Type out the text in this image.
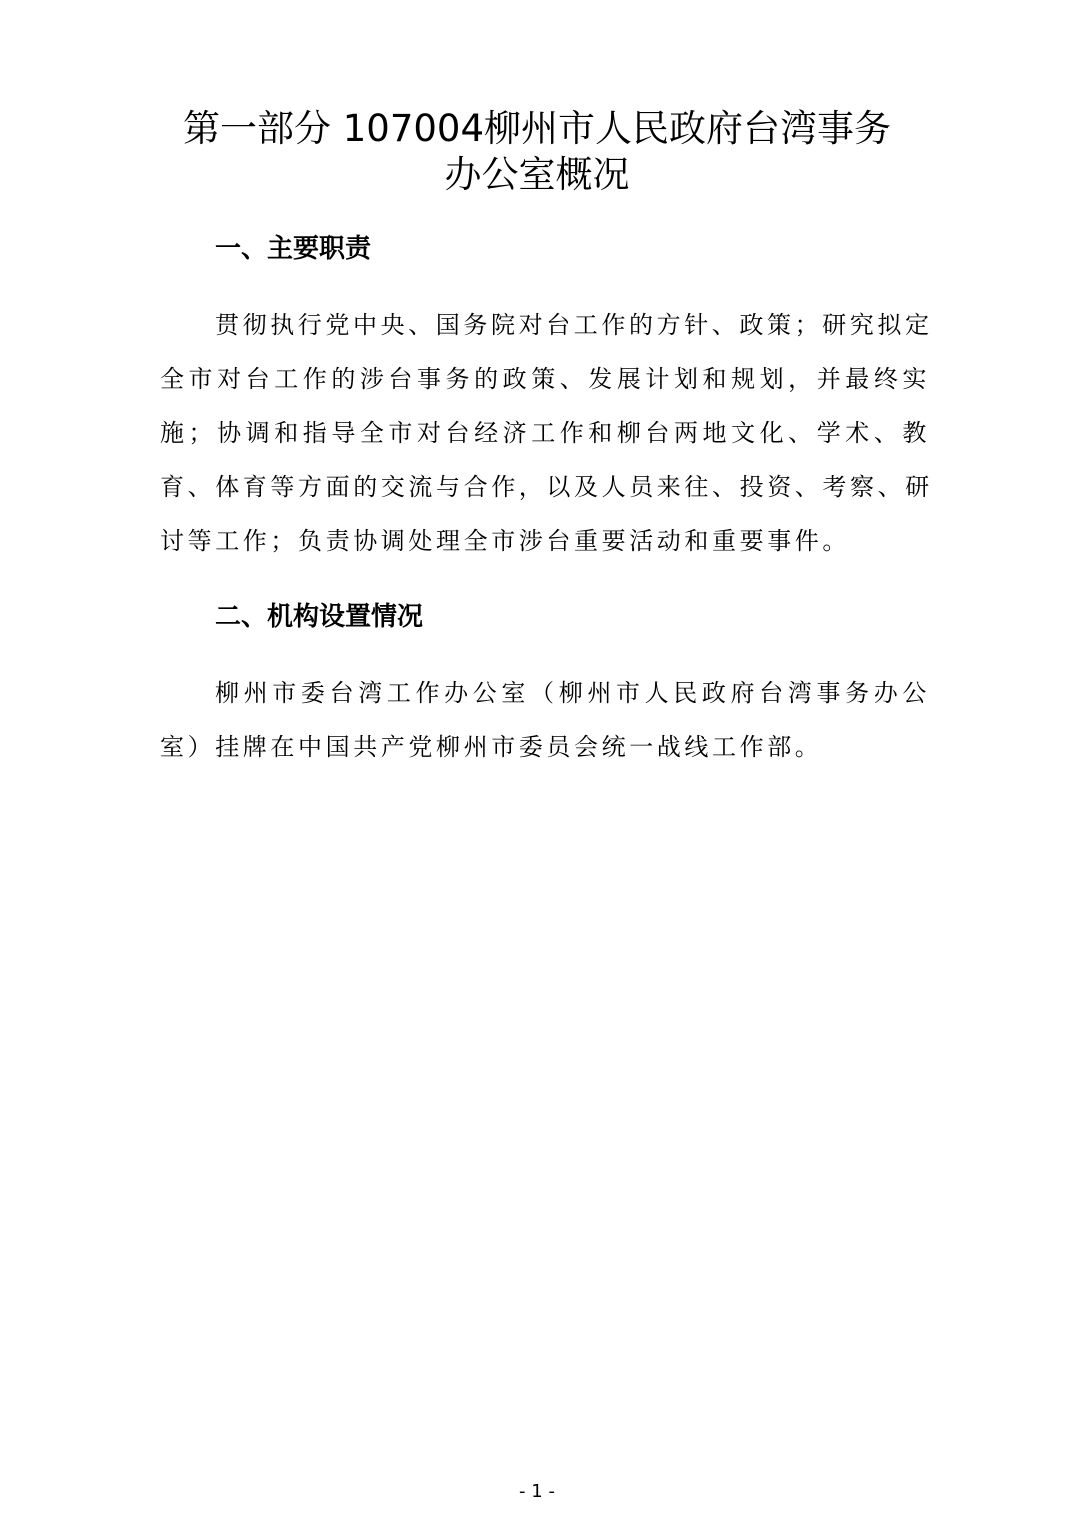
第一部分 107004柳州市人民政府台湾事务
办公室概况
一、主要职责
贯彻执行党中央、国务院对台工作的方针、政策；研究拟定
全市对台工作的涉台事务的政策、发展计划和规划，并最终实
施；协调和指导全市对台经济工作和柳台两地文化、学术、教
育、体育等方面的交流与合作，以及人员来往、投资、考察、研
讨等工作；负责协调处理全市涉台重要活动和重要事件。
二、机构设置情况
柳州市委台湾工作办公室（柳州市人民政府台湾事务办公
室）挂牌在中国共产党柳州市委员会统一战线工作部。
- 1 -
